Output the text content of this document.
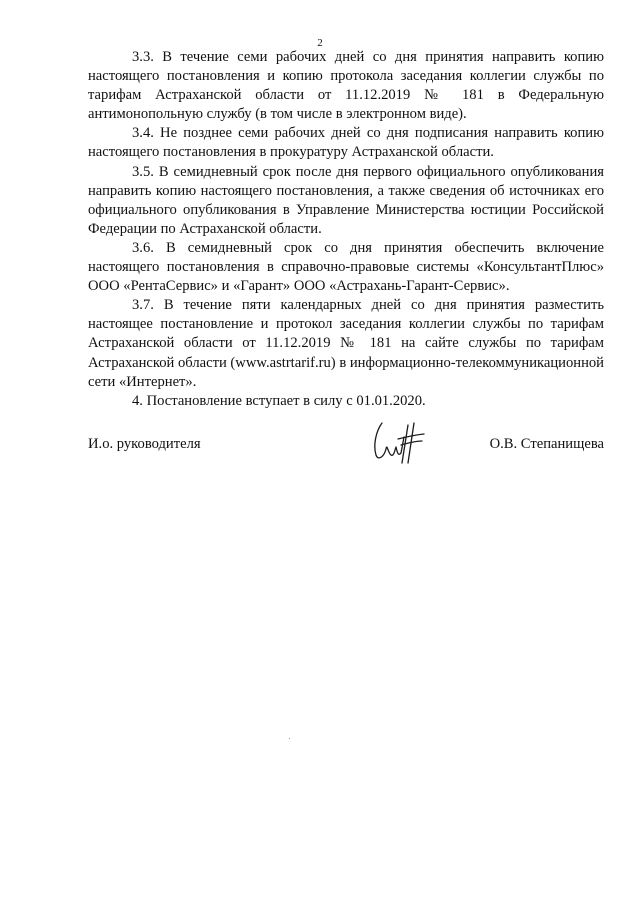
2

3.3. В течение семи рабочих дней со дня принятия направить копию настоящего постановления и копию протокола заседания коллегии службы по тарифам Астраханской области от 11.12.2019 № 181 в Федеральную антимонопольную службу (в том числе в электронном виде).

3.4. Не позднее семи рабочих дней со дня подписания направить копию настоящего постановления в прокуратуру Астраханской области.

3.5. В семидневный срок после дня первого официального опубликования направить копию настоящего постановления, а также сведения об источниках его официального опубликования в Управление Министерства юстиции Российской Федерации по Астраханской области.

3.6. В семидневный срок со дня принятия обеспечить включение настоящего постановления в справочно-правовые системы «КонсультантПлюс» ООО «РентаСервис» и «Гарант» ООО «Астрахань-Гарант-Сервис».

3.7. В течение пяти календарных дней со дня принятия разместить настоящее постановление и протокол заседания коллегии службы по тарифам Астраханской области от 11.12.2019 № 181 на сайте службы по тарифам Астраханской области (www.astrtarif.ru) в информационно-телекоммуникационной сети «Интернет».

4. Постановление вступает в силу с 01.01.2020.

И.о. руководителя	О.В. Степанищева
